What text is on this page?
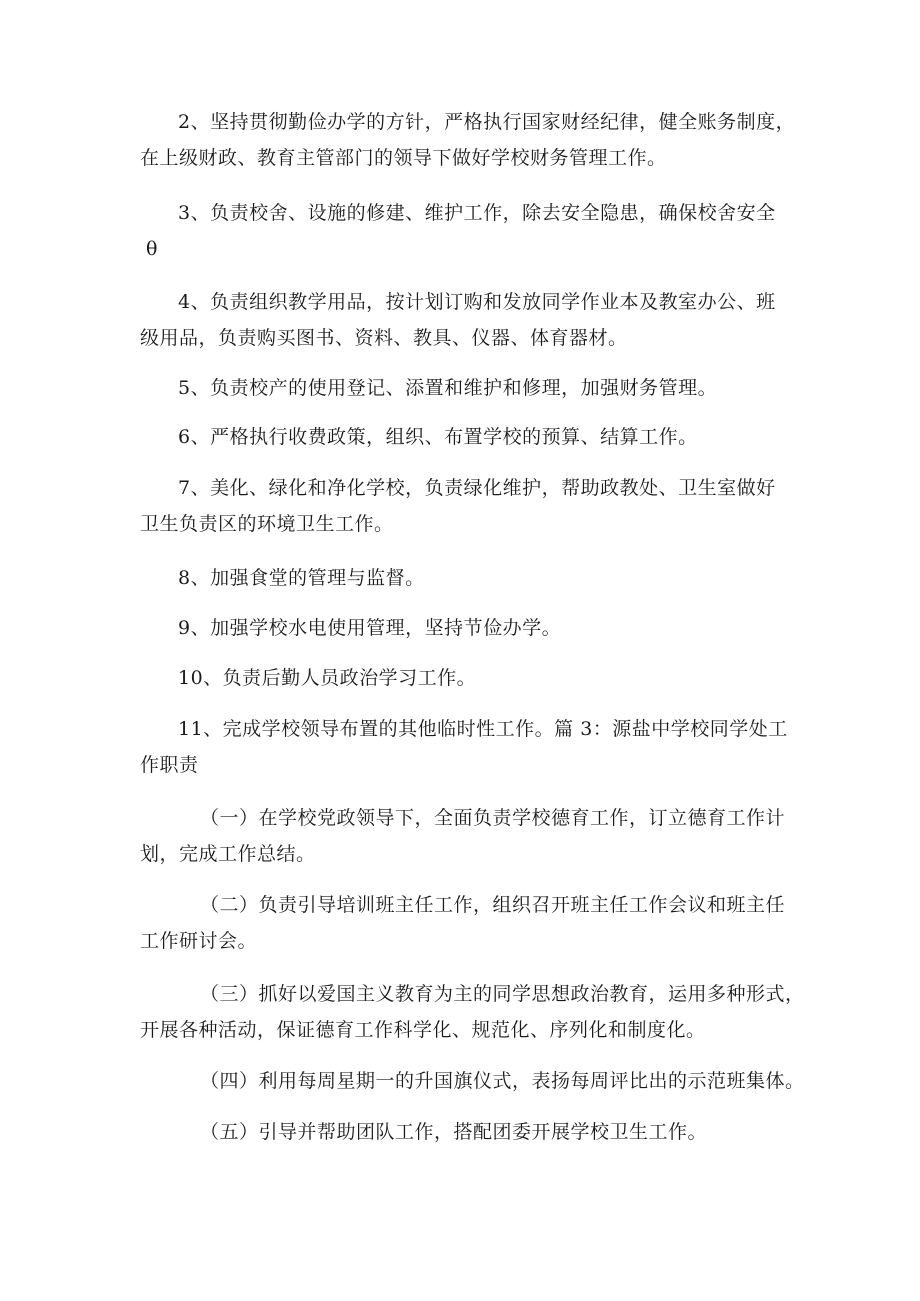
2、坚持贯彻勤俭办学的方针，严格执行国家财经纪律，健全账务制度，
在上级财政、教育主管部门的领导下做好学校财务管理工作。

3、负责校舍、设施的修建、维护工作，除去安全隐患，确保校舍安全
θ

4、负责组织教学用品，按计划订购和发放同学作业本及教室办公、班
级用品，负责购买图书、资料、教具、仪器、体育器材。

5、负责校产的使用登记、添置和维护和修理，加强财务管理。

6、严格执行收费政策，组织、布置学校的预算、结算工作。

7、美化、绿化和净化学校，负责绿化维护，帮助政教处、卫生室做好
卫生负责区的环境卫生工作。

8、加强食堂的管理与监督。

9、加强学校水电使用管理，坚持节俭办学。

10、负责后勤人员政治学习工作。

11、完成学校领导布置的其他临时性工作。篇 3：源盐中学校同学处工
作职责

（一）在学校党政领导下，全面负责学校德育工作，订立德育工作计
划，完成工作总结。

（二）负责引导培训班主任工作，组织召开班主任工作会议和班主任
工作研讨会。

（三）抓好以爱国主义教育为主的同学思想政治教育，运用多种形式，
开展各种活动，保证德育工作科学化、规范化、序列化和制度化。

（四）利用每周星期一的升国旗仪式，表扬每周评比出的示范班集体。

（五）引导并帮助团队工作，搭配团委开展学校卫生工作。
